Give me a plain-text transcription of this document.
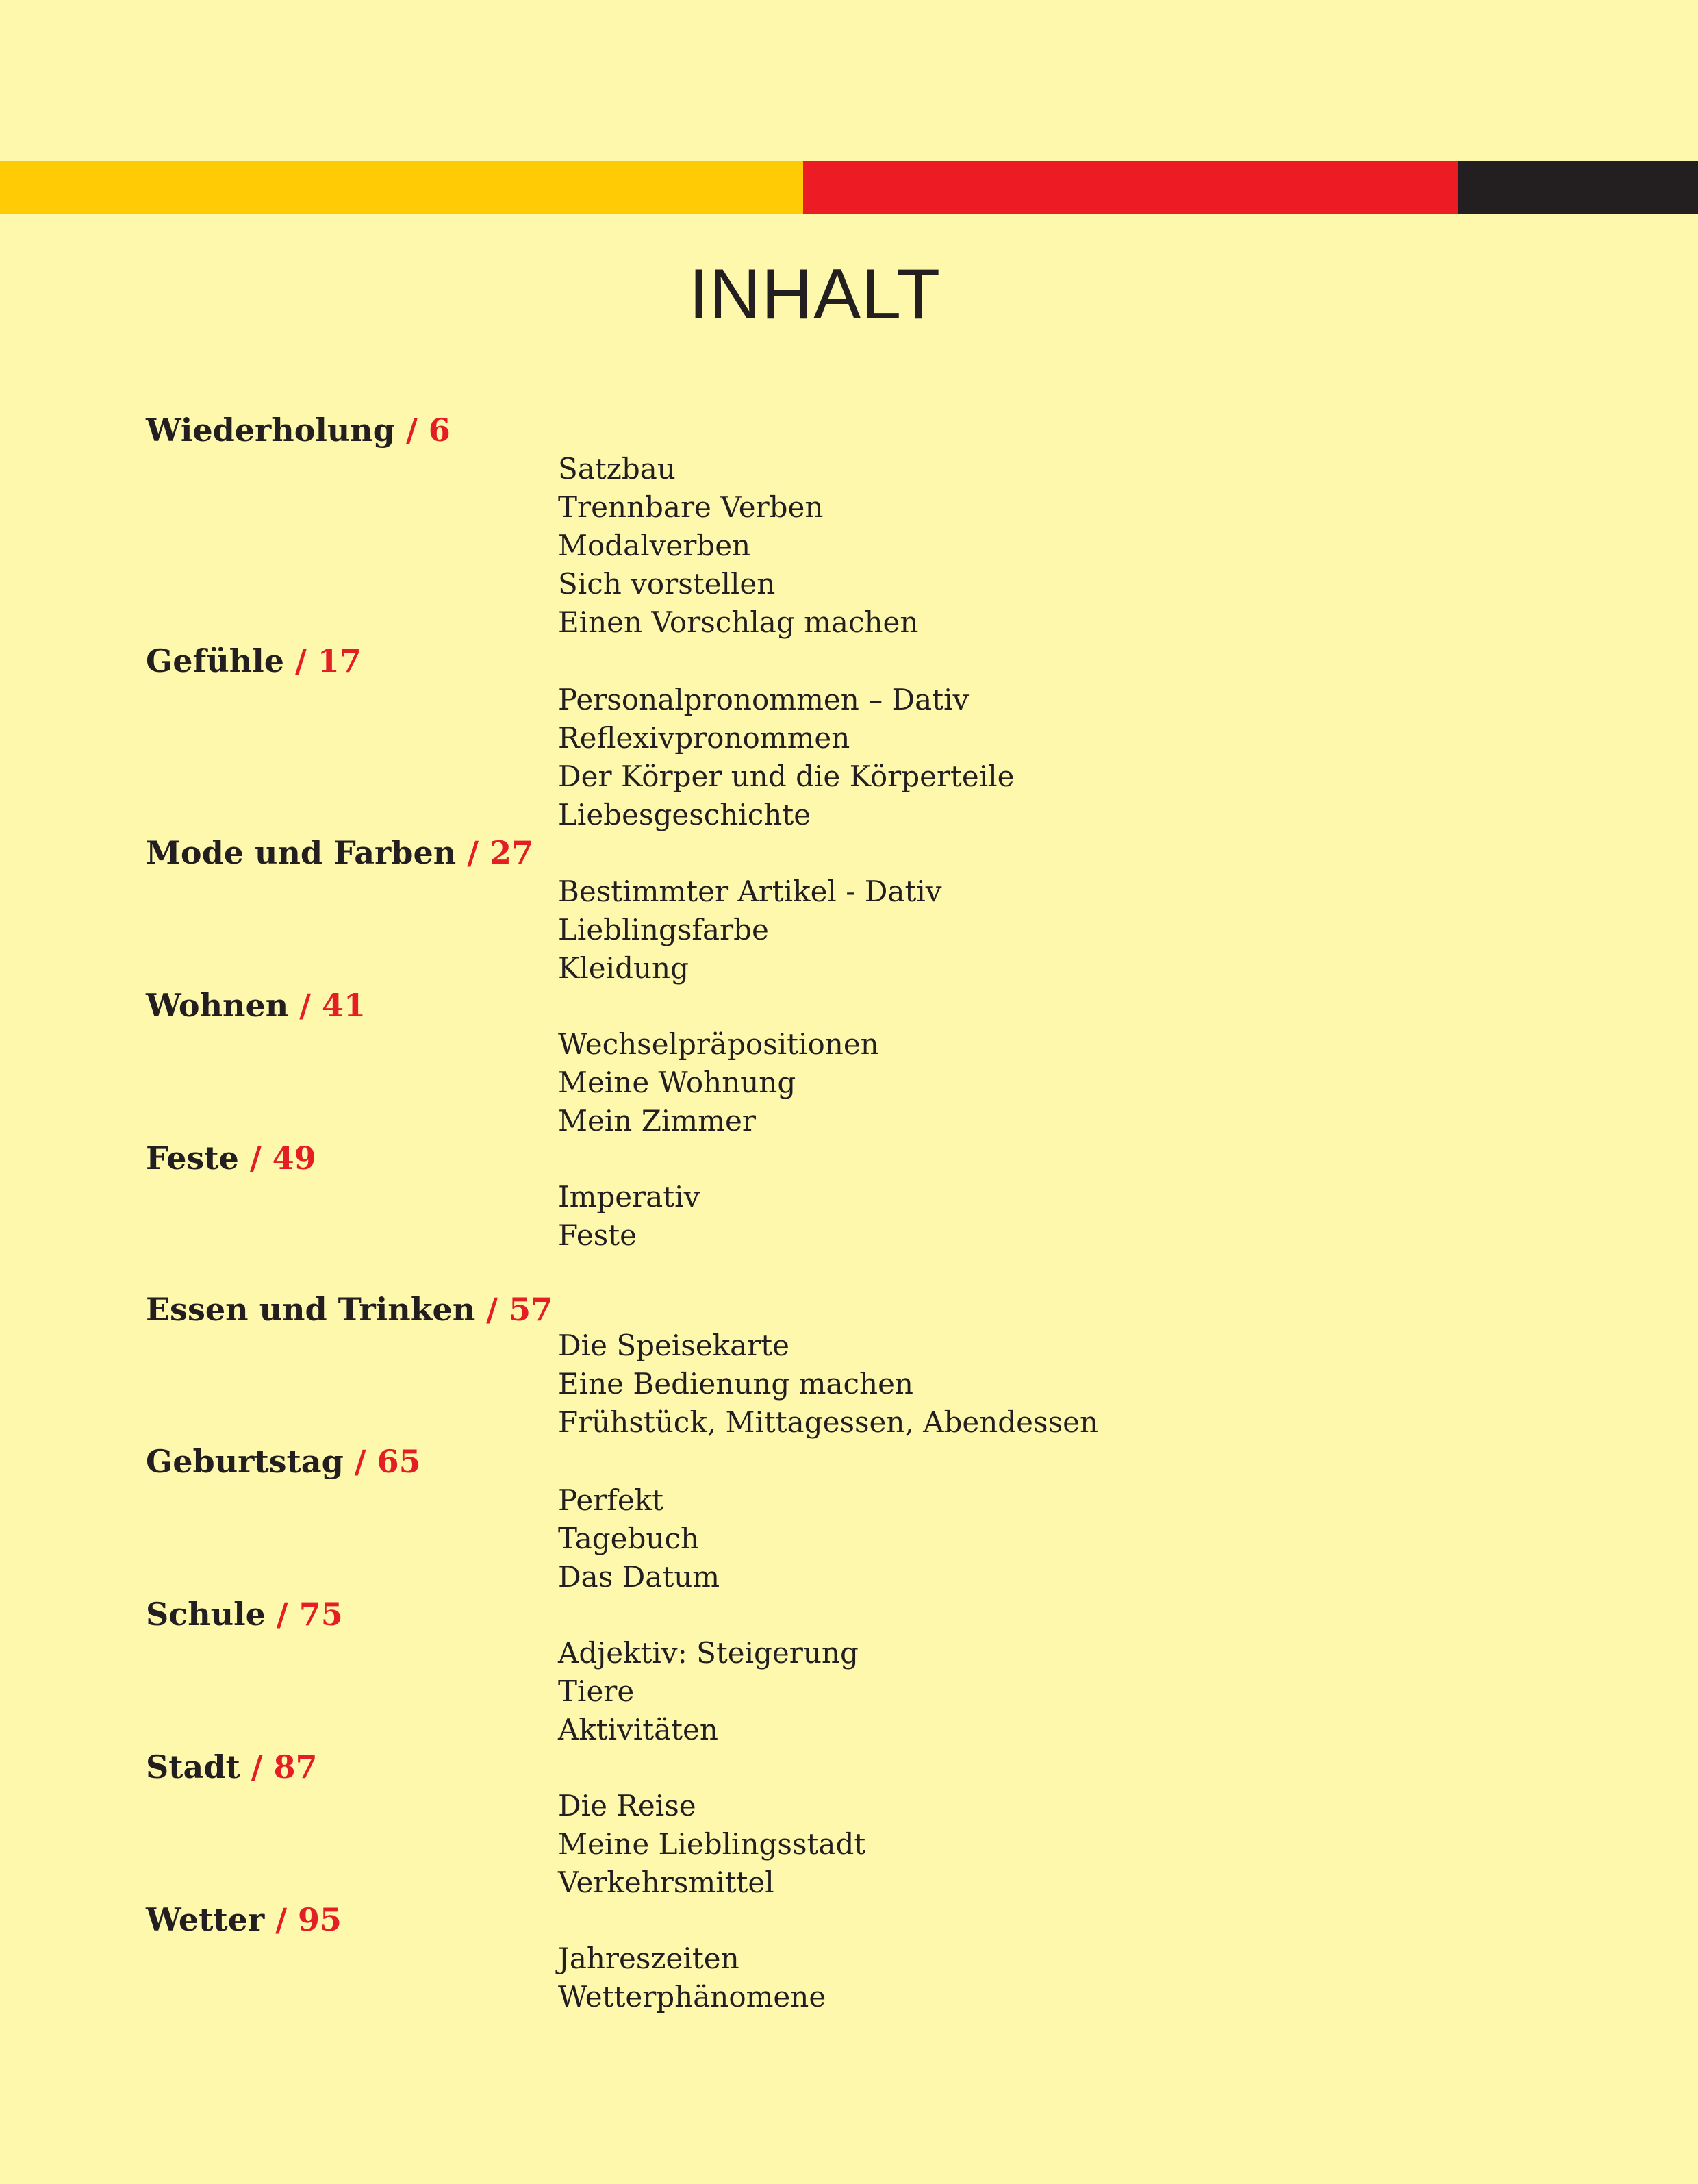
INHALT
Wiederholung / 6
Satzbau
Trennbare Verben
Modalverben
Sich vorstellen
Einen Vorschlag machen
Gefühle / 17
Personalpronommen – Dativ
Reflexivpronommen
Der Körper und die Körperteile
Liebesgeschichte
Mode und Farben / 27
Bestimmter Artikel - Dativ
Lieblingsfarbe
Kleidung
Wohnen / 41
Wechselpräpositionen
Meine Wohnung
Mein Zimmer
Feste / 49
Imperativ
Feste
Essen und Trinken / 57
Die Speisekarte
Eine Bedienung machen
Frühstück, Mittagessen, Abendessen
Geburtstag / 65
Perfekt
Tagebuch
Das Datum
Schule / 75
Adjektiv: Steigerung
Tiere
Aktivitäten
Stadt / 87
Die Reise
Meine Lieblingsstadt
Verkehrsmittel
Wetter / 95
Jahreszeiten
Wetterphänomene
